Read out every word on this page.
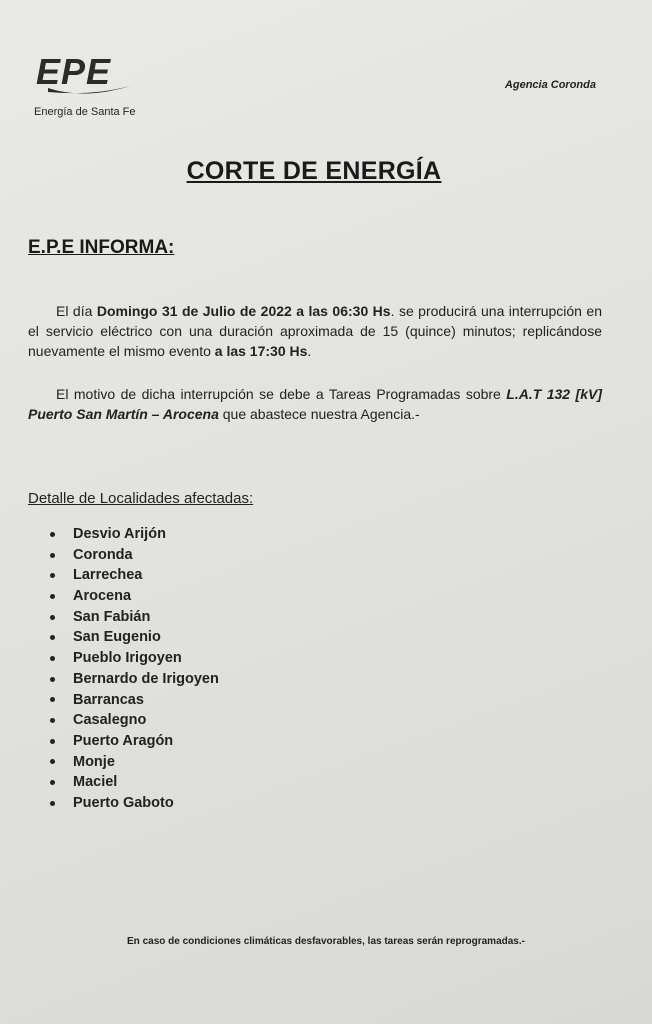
EPE
Energía de Santa Fe
Agencia Coronda
CORTE DE ENERGÍA
E.P.E INFORMA:
El día Domingo 31 de Julio de 2022 a las 06:30 Hs. se producirá una interrupción en el servicio eléctrico con una duración aproximada de 15 (quince) minutos; replicándose nuevamente el mismo evento a las 17:30 Hs.
El motivo de dicha interrupción se debe a Tareas Programadas sobre L.A.T 132 [kV] Puerto San Martín – Arocena que abastece nuestra Agencia.-
Detalle de Localidades afectadas:
Desvio Arijón
Coronda
Larrechea
Arocena
San Fabián
San Eugenio
Pueblo Irigoyen
Bernardo de Irigoyen
Barrancas
Casalegno
Puerto Aragón
Monje
Maciel
Puerto Gaboto
En caso de condiciones climáticas desfavorables, las tareas serán reprogramadas.-
